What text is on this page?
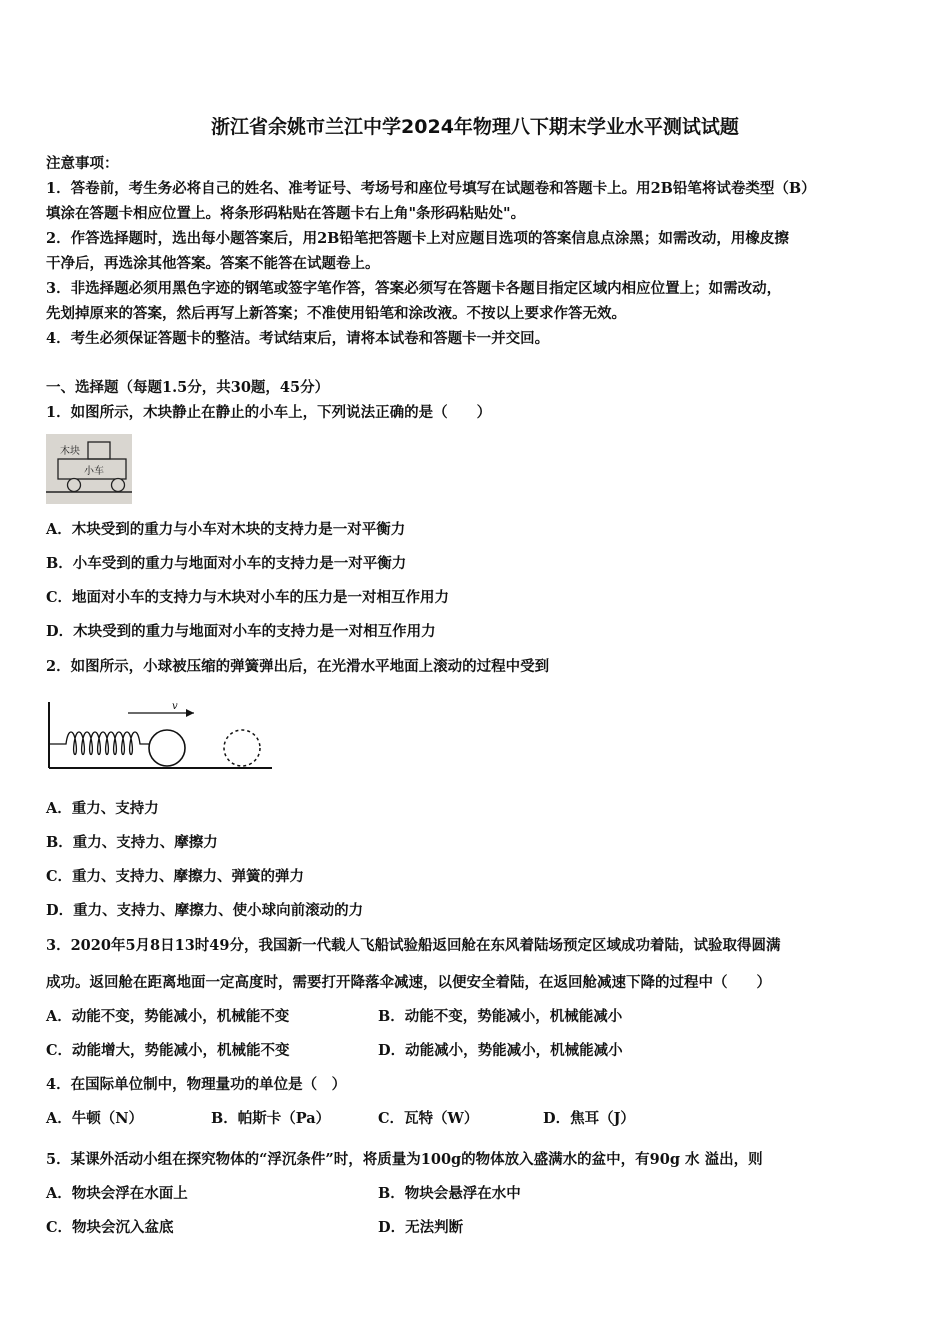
浙江省余姚市兰江中学2024年物理八下期末学业水平测试试题
注意事项：
1．答卷前，考生务必将自己的姓名、准考证号、考场号和座位号填写在试题卷和答题卡上。用2B铅笔将试卷类型（B）
填涂在答题卡相应位置上。将条形码粘贴在答题卡右上角"条形码粘贴处"。
2．作答选择题时，选出每小题答案后，用2B铅笔把答题卡上对应题目选项的答案信息点涂黑；如需改动，用橡皮擦
干净后，再选涂其他答案。答案不能答在试题卷上。
3．非选择题必须用黑色字迹的钢笔或签字笔作答，答案必须写在答题卡各题目指定区域内相应位置上；如需改动，
先划掉原来的答案，然后再写上新答案；不准使用铅笔和涂改液。不按以上要求作答无效。
4．考生必须保证答题卡的整洁。考试结束后，请将本试卷和答题卡一并交回。
一、选择题（每题1.5分，共30题，45分）
1．如图所示，木块静止在静止的小车上，下列说法正确的是（　　）
木块
小车
A．木块受到的重力与小车对木块的支持力是一对平衡力
B．小车受到的重力与地面对小车的支持力是一对平衡力
C．地面对小车的支持力与木块对小车的压力是一对相互作用力
D．木块受到的重力与地面对小车的支持力是一对相互作用力
2．如图所示，小球被压缩的弹簧弹出后，在光滑水平地面上滚动的过程中受到
v
A．重力、支持力
B．重力、支持力、摩擦力
C．重力、支持力、摩擦力、弹簧的弹力
D．重力、支持力、摩擦力、使小球向前滚动的力
3．2020年5月8日13时49分，我国新一代载人飞船试验船返回舱在东风着陆场预定区域成功着陆，试验取得圆满
成功。返回舱在距离地面一定高度时，需要打开降落伞减速，以便安全着陆，在返回舱减速下降的过程中（　　）
A．动能不变，势能减小，机械能不变	B．动能不变，势能减小，机械能减小
C．动能增大，势能减小，机械能不变	D．动能减小，势能减小，机械能减小
4．在国际单位制中，物理量功的单位是（　）
A．牛顿（N）	B．帕斯卡（Pa）	C．瓦特（W）	D．焦耳（J）
5．某课外活动小组在探究物体的“浮沉条件”时，将质量为100g的物体放入盛满水的盆中，有90g 水 溢出，则
A．物块会浮在水面上	B．物块会悬浮在水中
C．物块会沉入盆底	D．无法判断
